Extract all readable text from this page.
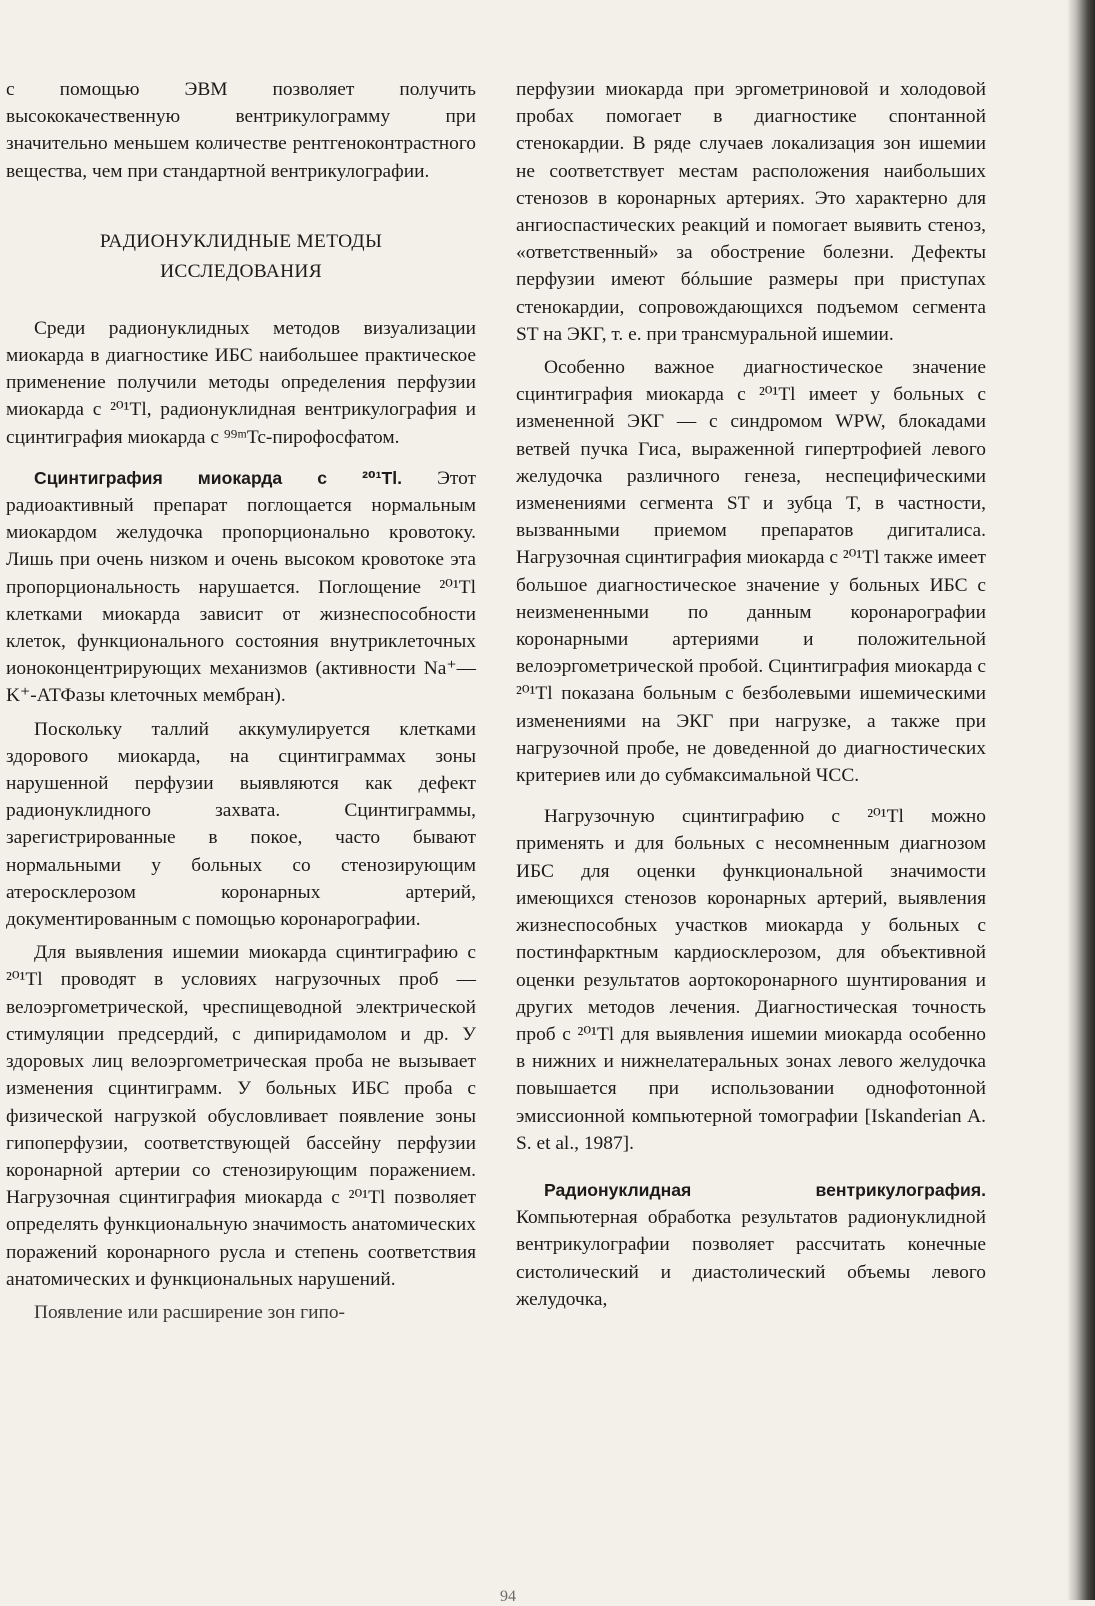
с помощью ЭВМ позволяет получить высококачественную вентрикулограмму при значительно меньшем количестве рентгеноконтрастного вещества, чем при стандартной вентрикулографии.

РАДИОНУКЛИДНЫЕ МЕТОДЫ
ИССЛЕДОВАНИЯ

Среди радионуклидных методов визуализации миокарда в диагностике ИБС наибольшее практическое применение получили методы определения перфузии миокарда с ²⁰¹Tl, радионуклидная вентрикулография и сцинтиграфия миокарда с ⁹⁹ᵐTc-пирофосфатом.

Сцинтиграфия миокарда с ²⁰¹Tl. Этот радиоактивный препарат поглощается нормальным миокардом желудочка пропорционально кровотоку. Лишь при очень низком и очень высоком кровотоке эта пропорциональность нарушается. Поглощение ²⁰¹Tl клетками миокарда зависит от жизнеспособности клеток, функционального состояния внутриклеточных ионоконцентрирующих механизмов (активности Na⁺—K⁺-АТФазы клеточных мембран).

Поскольку таллий аккумулируется клетками здорового миокарда, на сцинтиграммах зоны нарушенной перфузии выявляются как дефект радионуклидного захвата. Сцинтиграммы, зарегистрированные в покое, часто бывают нормальными у больных со стенозирующим атеросклерозом коронарных артерий, документированным с помощью коронарографии.

Для выявления ишемии миокарда сцинтиграфию с ²⁰¹Tl проводят в условиях нагрузочных проб — велоэргометрической, чреспищеводной электрической стимуляции предсердий, с дипиридамолом и др. У здоровых лиц велоэргометрическая проба не вызывает изменения сцинтиграмм. У больных ИБС проба с физической нагрузкой обусловливает появление зоны гипоперфузии, соответствующей бассейну перфузии коронарной артерии со стенозирующим поражением. Нагрузочная сцинтиграфия миокарда с ²⁰¹Tl позволяет определять функциональную значимость анатомических поражений коронарного русла и степень соответствия анатомических и функциональных нарушений.

Появление или расширение зон гипо-

перфузии миокарда при эргометриновой и холодовой пробах помогает в диагностике спонтанной стенокардии. В ряде случаев локализация зон ишемии не соответствует местам расположения наибольших стенозов в коронарных артериях. Это характерно для ангиоспастических реакций и помогает выявить стеноз, «ответственный» за обострение болезни. Дефекты перфузии имеют бóльшие размеры при приступах стенокардии, сопровождающихся подъемом сегмента ST на ЭКГ, т. е. при трансмуральной ишемии.

Особенно важное диагностическое значение сцинтиграфия миокарда с ²⁰¹Tl имеет у больных с измененной ЭКГ — с синдромом WPW, блокадами ветвей пучка Гиса, выраженной гипертрофией левого желудочка различного генеза, неспецифическими изменениями сегмента ST и зубца T, в частности, вызванными приемом препаратов дигиталиса. Нагрузочная сцинтиграфия миокарда с ²⁰¹Tl также имеет большое диагностическое значение у больных ИБС с неизмененными по данным коронарографии коронарными артериями и положительной велоэргометрической пробой. Сцинтиграфия миокарда с ²⁰¹Tl показана больным с безболевыми ишемическими изменениями на ЭКГ при нагрузке, а также при нагрузочной пробе, не доведенной до диагностических критериев или до субмаксимальной ЧСС.

Нагрузочную сцинтиграфию с ²⁰¹Tl можно применять и для больных с несомненным диагнозом ИБС для оценки функциональной значимости имеющихся стенозов коронарных артерий, выявления жизнеспособных участков миокарда у больных с постинфарктным кардиосклерозом, для объективной оценки результатов аортокоронарного шунтирования и других методов лечения. Диагностическая точность проб с ²⁰¹Tl для выявления ишемии миокарда особенно в нижних и нижнелатеральных зонах левого желудочка повышается при использовании однофотонной эмиссионной компьютерной томографии [Iskanderian A. S. et al., 1987].

Радионуклидная вентрикулография. Компьютерная обработка результатов радионуклидной вентрикулографии позволяет рассчитать конечные систолический и диастолический объемы левого желудочка,

94
